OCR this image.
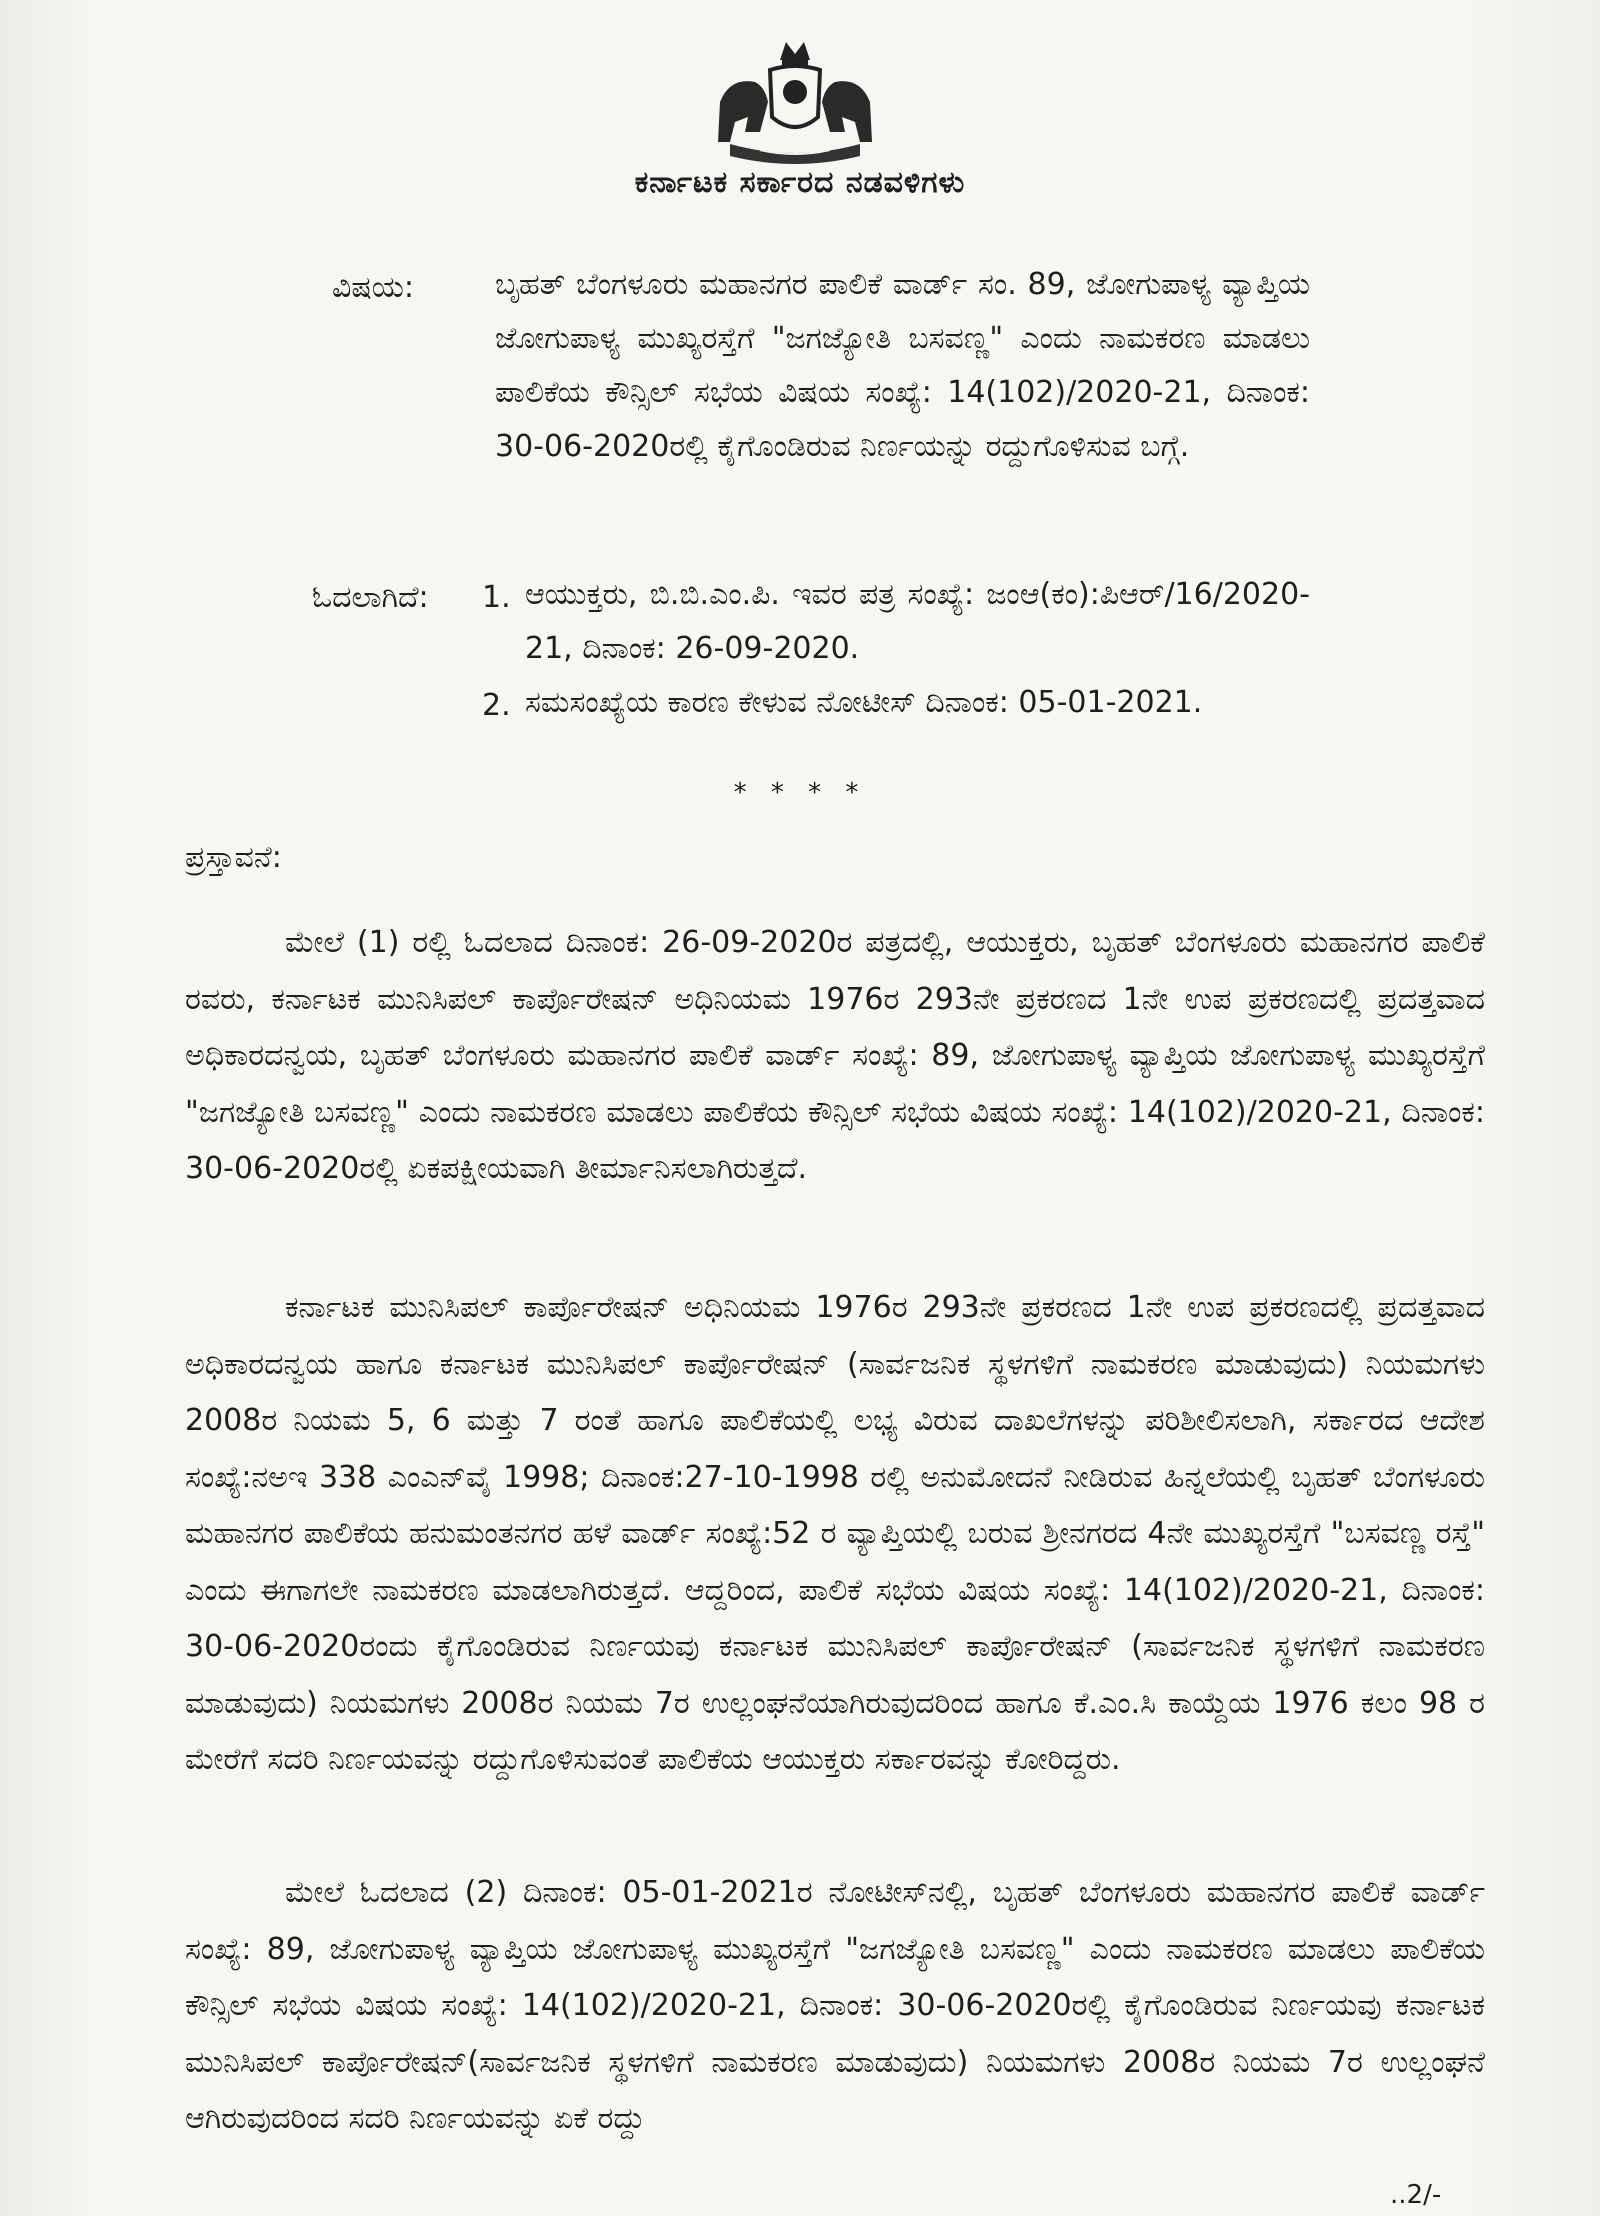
ಕರ್ನಾಟಕ ಸರ್ಕಾರದ ನಡವಳಿಗಳು
ವಿಷಯ:	ಬೃಹತ್ ಬೆಂಗಳೂರು ಮಹಾನಗರ ಪಾಲಿಕೆ ವಾರ್ಡ್ ಸಂ. 89, ಜೋಗುಪಾಳ್ಯ ವ್ಯಾಪ್ತಿಯ ಜೋಗುಪಾಳ್ಯ ಮುಖ್ಯರಸ್ತೆಗೆ "ಜಗಜ್ಯೋತಿ ಬಸವಣ್ಣ" ಎಂದು ನಾಮಕರಣ ಮಾಡಲು ಪಾಲಿಕೆಯ ಕೌನ್ಸಿಲ್ ಸಭೆಯ ವಿಷಯ ಸಂಖ್ಯೆ: 14(102)/2020-21, ದಿನಾಂಕ: 30-06-2020ರಲ್ಲಿ ಕೈಗೊಂಡಿರುವ ನಿರ್ಣಯನ್ನು ರದ್ದುಗೊಳಿಸುವ ಬಗ್ಗೆ.
ಓದಲಾಗಿದೆ: 1. ಆಯುಕ್ತರು, ಬಿ.ಬಿ.ಎಂ.ಪಿ. ಇವರ ಪತ್ರ ಸಂಖ್ಯೆ: ಜಂಆ(ಕಂ):ಪಿಆರ್/16/2020-21, ದಿನಾಂಕ: 26-09-2020.
2. ಸಮಸಂಖ್ಯೆಯ ಕಾರಣ ಕೇಳುವ ನೋಟೀಸ್ ದಿನಾಂಕ: 05-01-2021.
* * * *
ಪ್ರಸ್ತಾವನೆ:
ಮೇಲೆ (1) ರಲ್ಲಿ ಓದಲಾದ ದಿನಾಂಕ: 26-09-2020ರ ಪತ್ರದಲ್ಲಿ, ಆಯುಕ್ತರು, ಬೃಹತ್ ಬೆಂಗಳೂರು ಮಹಾನಗರ ಪಾಲಿಕೆ ರವರು, ಕರ್ನಾಟಕ ಮುನಿಸಿಪಲ್ ಕಾರ್ಪೊರೇಷನ್ ಅಧಿನಿಯಮ 1976ರ 293ನೇ ಪ್ರಕರಣದ 1ನೇ ಉಪ ಪ್ರಕರಣದಲ್ಲಿ ಪ್ರದತ್ತವಾದ ಅಧಿಕಾರದನ್ವಯ, ಬೃಹತ್ ಬೆಂಗಳೂರು ಮಹಾನಗರ ಪಾಲಿಕೆ ವಾರ್ಡ್ ಸಂಖ್ಯೆ: 89, ಜೋಗುಪಾಳ್ಯ ವ್ಯಾಪ್ತಿಯ ಜೋಗುಪಾಳ್ಯ ಮುಖ್ಯರಸ್ತೆಗೆ "ಜಗಜ್ಯೋತಿ ಬಸವಣ್ಣ" ಎಂದು ನಾಮಕರಣ ಮಾಡಲು ಪಾಲಿಕೆಯ ಕೌನ್ಸಿಲ್ ಸಭೆಯ ವಿಷಯ ಸಂಖ್ಯೆ: 14(102)/2020-21, ದಿನಾಂಕ: 30-06-2020ರಲ್ಲಿ ಏಕಪಕ್ಷೀಯವಾಗಿ ತೀರ್ಮಾನಿಸಲಾಗಿರುತ್ತದೆ.
ಕರ್ನಾಟಕ ಮುನಿಸಿಪಲ್ ಕಾರ್ಪೊರೇಷನ್ ಅಧಿನಿಯಮ 1976ರ 293ನೇ ಪ್ರಕರಣದ 1ನೇ ಉಪ ಪ್ರಕರಣದಲ್ಲಿ ಪ್ರದತ್ತವಾದ ಅಧಿಕಾರದನ್ವಯ ಹಾಗೂ ಕರ್ನಾಟಕ ಮುನಿಸಿಪಲ್ ಕಾರ್ಪೊರೇಷನ್ (ಸಾರ್ವಜನಿಕ ಸ್ಥಳಗಳಿಗೆ ನಾಮಕರಣ ಮಾಡುವುದು) ನಿಯಮಗಳು 2008ರ ನಿಯಮ 5, 6 ಮತ್ತು 7 ರಂತೆ ಹಾಗೂ ಪಾಲಿಕೆಯಲ್ಲಿ ಲಭ್ಯ ವಿರುವ ದಾಖಲೆಗಳನ್ನು ಪರಿಶೀಲಿಸಲಾಗಿ, ಸರ್ಕಾರದ ಆದೇಶ ಸಂಖ್ಯೆ:ನಅಇ 338 ಎಂಎನ್‌ವೈ 1998; ದಿನಾಂಕ:27-10-1998 ರಲ್ಲಿ ಅನುಮೋದನೆ ನೀಡಿರುವ ಹಿನ್ನಲೆಯಲ್ಲಿ ಬೃಹತ್ ಬೆಂಗಳೂರು ಮಹಾನಗರ ಪಾಲಿಕೆಯ ಹನುಮಂತನಗರ ಹಳೆ ವಾರ್ಡ್ ಸಂಖ್ಯೆ:52 ರ ವ್ಯಾಪ್ತಿಯಲ್ಲಿ ಬರುವ ಶ್ರೀನಗರದ 4ನೇ ಮುಖ್ಯರಸ್ತೆಗೆ "ಬಸವಣ್ಣ ರಸ್ತೆ" ಎಂದು ಈಗಾಗಲೇ ನಾಮಕರಣ ಮಾಡಲಾಗಿರುತ್ತದೆ. ಆದ್ದರಿಂದ, ಪಾಲಿಕೆ ಸಭೆಯ ವಿಷಯ ಸಂಖ್ಯೆ: 14(102)/2020-21, ದಿನಾಂಕ: 30-06-2020ರಂದು ಕೈಗೊಂಡಿರುವ ನಿರ್ಣಯವು ಕರ್ನಾಟಕ ಮುನಿಸಿಪಲ್ ಕಾರ್ಪೊರೇಷನ್ (ಸಾರ್ವಜನಿಕ ಸ್ಥಳಗಳಿಗೆ ನಾಮಕರಣ ಮಾಡುವುದು) ನಿಯಮಗಳು 2008ರ ನಿಯಮ 7ರ ಉಲ್ಲಂಘನೆಯಾಗಿರುವುದರಿಂದ ಹಾಗೂ ಕೆ.ಎಂ.ಸಿ ಕಾಯ್ದೆಯ 1976 ಕಲಂ 98 ರ ಮೇರೆಗೆ ಸದರಿ ನಿರ್ಣಯವನ್ನು ರದ್ದುಗೊಳಿಸುವಂತೆ ಪಾಲಿಕೆಯ ಆಯುಕ್ತರು ಸರ್ಕಾರವನ್ನು ಕೋರಿದ್ದರು.
ಮೇಲೆ ಓದಲಾದ (2) ದಿನಾಂಕ: 05-01-2021ರ ನೋಟೀಸ್‌ನಲ್ಲಿ, ಬೃಹತ್ ಬೆಂಗಳೂರು ಮಹಾನಗರ ಪಾಲಿಕೆ ವಾರ್ಡ್ ಸಂಖ್ಯೆ: 89, ಜೋಗುಪಾಳ್ಯ ವ್ಯಾಪ್ತಿಯ ಜೋಗುಪಾಳ್ಯ ಮುಖ್ಯರಸ್ತೆಗೆ "ಜಗಜ್ಯೋತಿ ಬಸವಣ್ಣ" ಎಂದು ನಾಮಕರಣ ಮಾಡಲು ಪಾಲಿಕೆಯ ಕೌನ್ಸಿಲ್ ಸಭೆಯ ವಿಷಯ ಸಂಖ್ಯೆ: 14(102)/2020-21, ದಿನಾಂಕ: 30-06-2020ರಲ್ಲಿ ಕೈಗೊಂಡಿರುವ ನಿರ್ಣಯವು ಕರ್ನಾಟಕ ಮುನಿಸಿಪಲ್ ಕಾರ್ಪೊರೇಷನ್(ಸಾರ್ವಜನಿಕ ಸ್ಥಳಗಳಿಗೆ ನಾಮಕರಣ ಮಾಡುವುದು) ನಿಯಮಗಳು 2008ರ ನಿಯಮ 7ರ ಉಲ್ಲಂಘನೆ ಆಗಿರುವುದರಿಂದ ಸದರಿ ನಿರ್ಣಯವನ್ನು ಏಕೆ ರದ್ದು
..2/-
